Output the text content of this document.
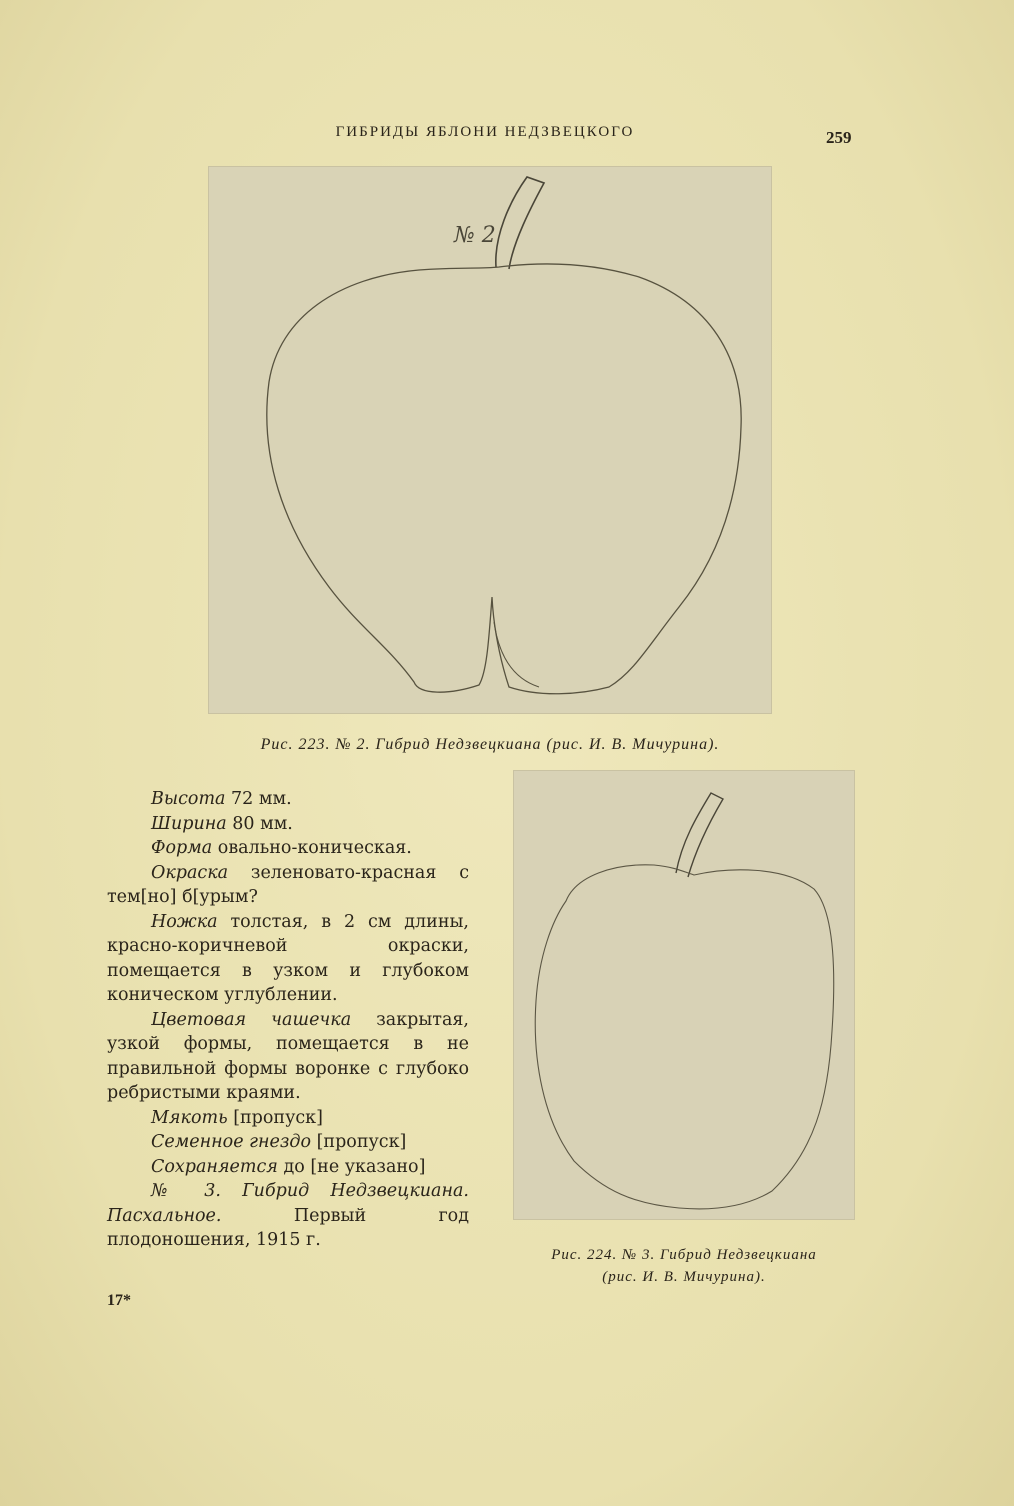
ГИБРИДЫ ЯБЛОНИ НЕДЗВЕЦКОГО	259
№ 2
Рис. 223. № 2. Гибрид Недзвецкиана (рис. И. В. Мичурина).
Рис. 224. № 3. Гибрид Недзвецкиана
(рис. И. В. Мичурина).

Высота 72 мм.

Ширина 80 мм.

Форма овально-коническая.

Окраска зеленовато-красная с тем[но] б[урым?

Ножка толстая, в 2 см длины, красно-коричневой окраски, помещается в узком и глубоком коническом углублении.

Цветовая чашечка закрытая, узкой формы, помещается в не правильной формы воронке с глубоко ребристыми краями.

Мякоть [пропуск]

Семенное гнездо [пропуск]

Сохраняется до [не указано]

№ 3. Гибрид Недзвецкиана. Пасхальное. Первый год плодоношения, 1915 г.

17*
